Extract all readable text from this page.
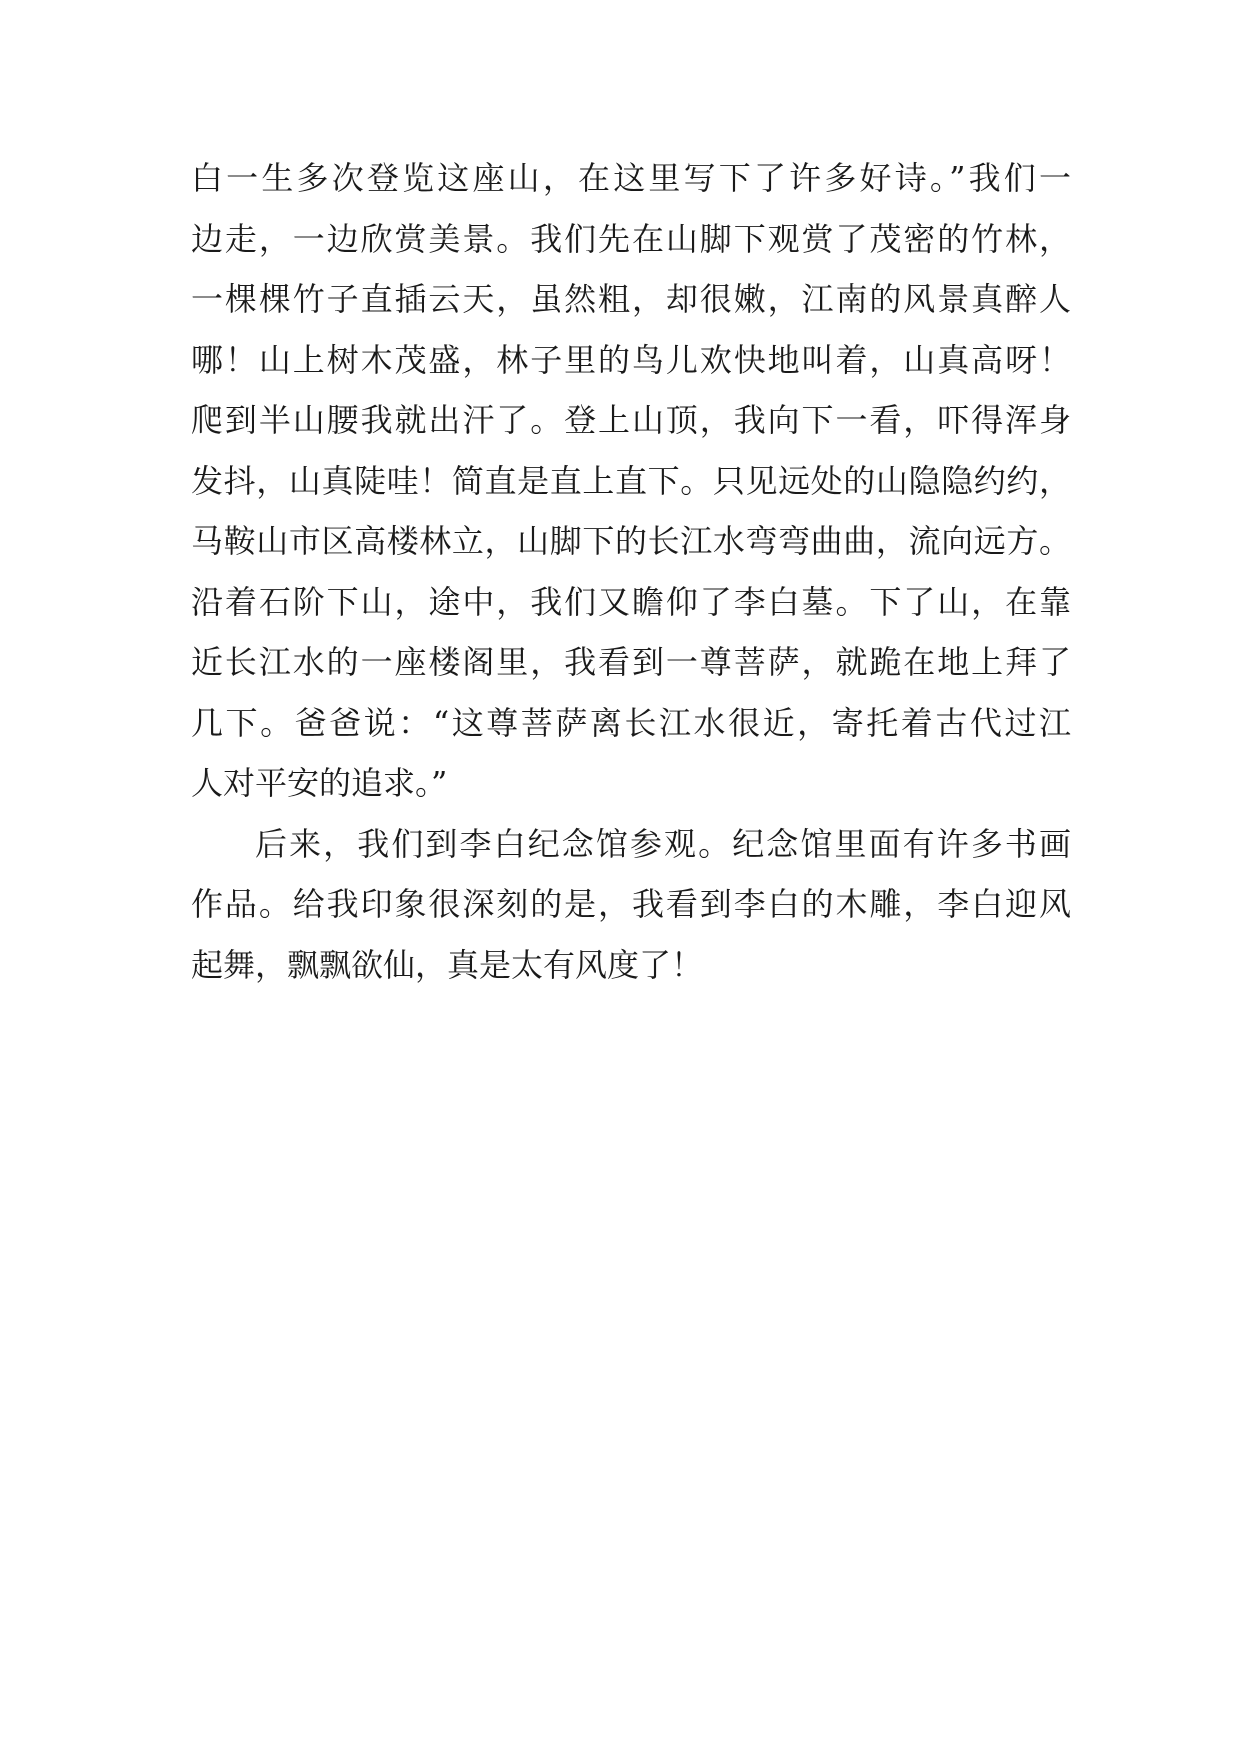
白一生多次登览这座山，在这里写下了许多好诗。”我们一
边走，一边欣赏美景。我们先在山脚下观赏了茂密的竹林，
一棵棵竹子直插云天，虽然粗，却很嫩，江南的风景真醉人
哪！山上树木茂盛，林子里的鸟儿欢快地叫着，山真高呀！
爬到半山腰我就出汗了。登上山顶，我向下一看，吓得浑身
发抖，山真陡哇！简直是直上直下。只见远处的山隐隐约约，
马鞍山市区高楼林立，山脚下的长江水弯弯曲曲，流向远方。
沿着石阶下山，途中，我们又瞻仰了李白墓。下了山，在靠
近长江水的一座楼阁里，我看到一尊菩萨，就跪在地上拜了
几下。爸爸说：“这尊菩萨离长江水很近，寄托着古代过江
人对平安的追求。”
后来，我们到李白纪念馆参观。纪念馆里面有许多书画
作品。给我印象很深刻的是，我看到李白的木雕，李白迎风
起舞，飘飘欲仙，真是太有风度了！
